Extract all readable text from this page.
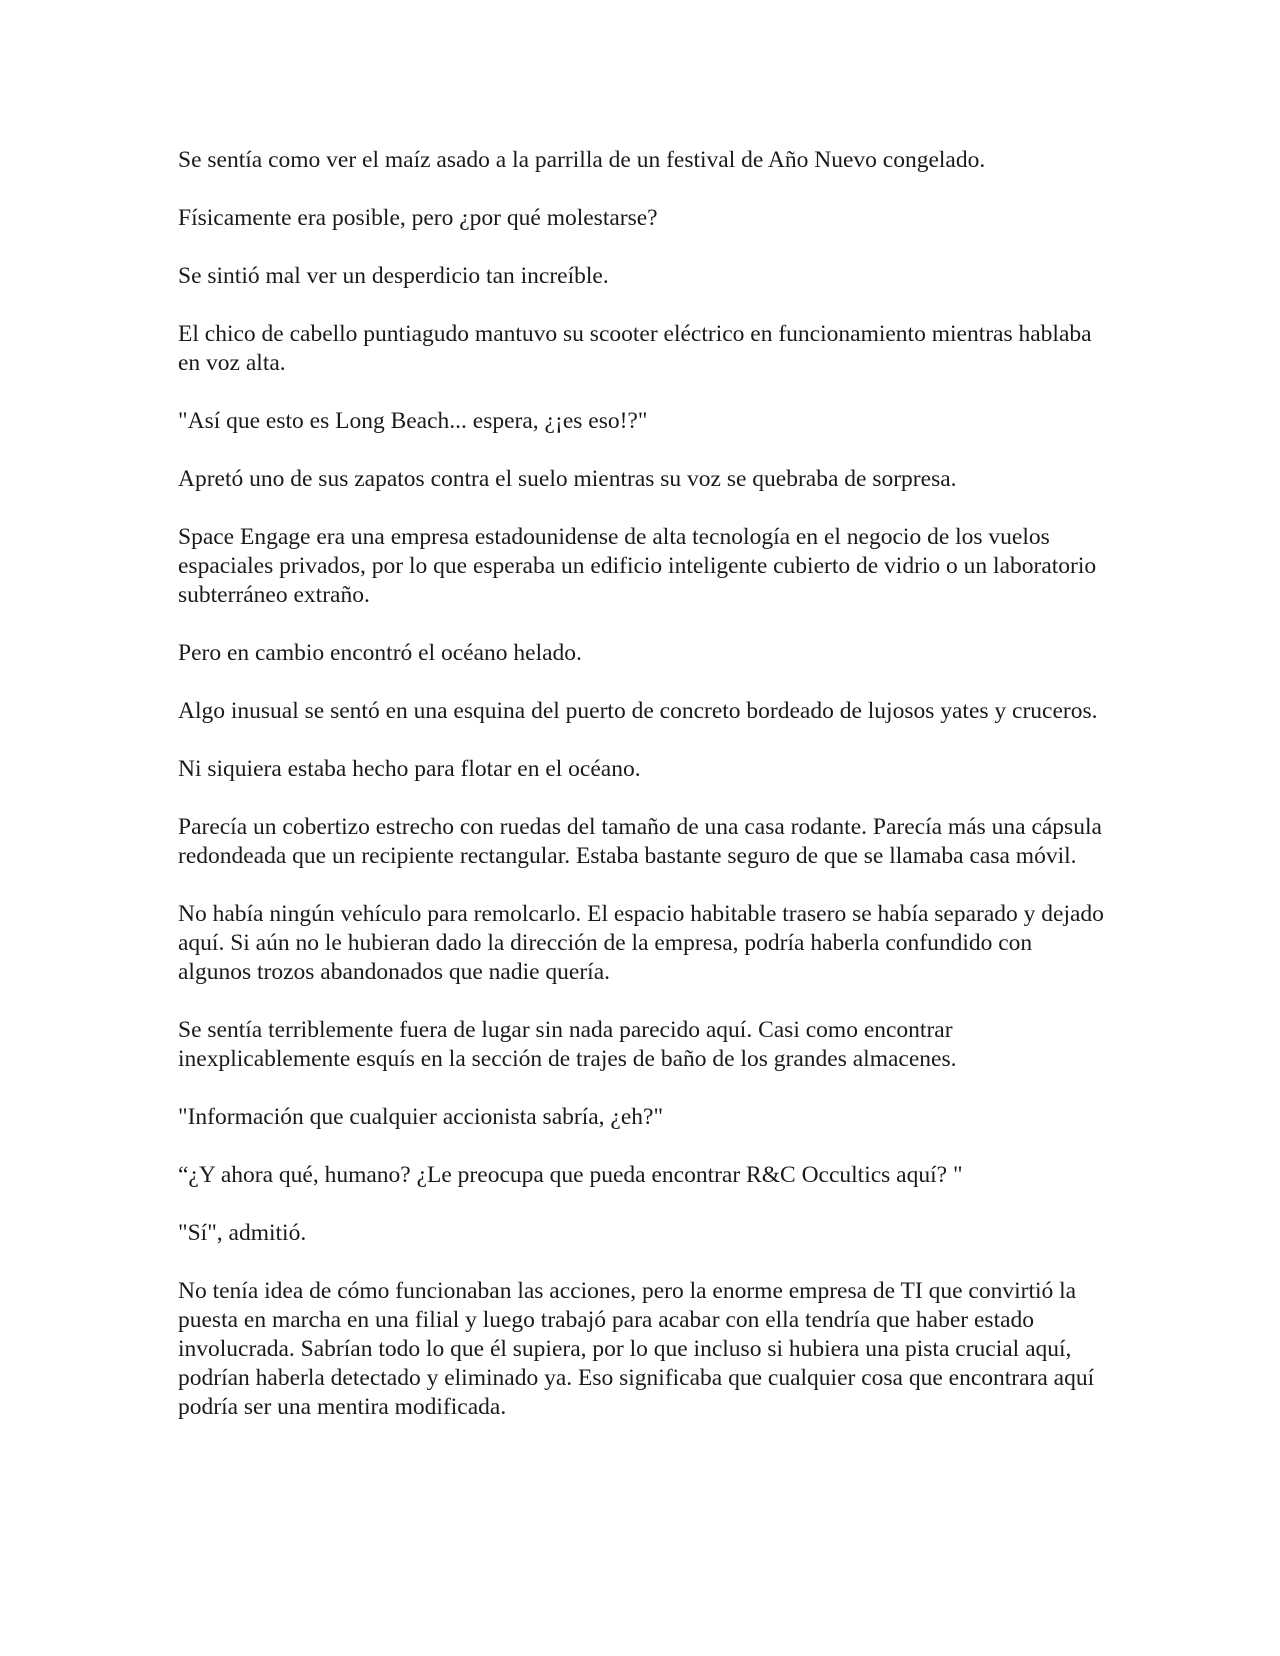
Se sentía como ver el maíz asado a la parrilla de un festival de Año Nuevo congelado.

Físicamente era posible, pero ¿por qué molestarse?

Se sintió mal ver un desperdicio tan increíble.

El chico de cabello puntiagudo mantuvo su scooter eléctrico en funcionamiento mientras hablaba en voz alta.

"Así que esto es Long Beach... espera, ¿¡es eso!?"

Apretó uno de sus zapatos contra el suelo mientras su voz se quebraba de sorpresa.

Space Engage era una empresa estadounidense de alta tecnología en el negocio de los vuelos espaciales privados, por lo que esperaba un edificio inteligente cubierto de vidrio o un laboratorio subterráneo extraño.

Pero en cambio encontró el océano helado.

Algo inusual se sentó en una esquina del puerto de concreto bordeado de lujosos yates y cruceros.

Ni siquiera estaba hecho para flotar en el océano.

Parecía un cobertizo estrecho con ruedas del tamaño de una casa rodante. Parecía más una cápsula redondeada que un recipiente rectangular. Estaba bastante seguro de que se llamaba casa móvil.

No había ningún vehículo para remolcarlo. El espacio habitable trasero se había separado y dejado aquí. Si aún no le hubieran dado la dirección de la empresa, podría haberla confundido con algunos trozos abandonados que nadie quería.

Se sentía terriblemente fuera de lugar sin nada parecido aquí. Casi como encontrar inexplicablemente esquís en la sección de trajes de baño de los grandes almacenes.

"Información que cualquier accionista sabría, ¿eh?"

“¿Y ahora qué, humano? ¿Le preocupa que pueda encontrar R&C Occultics aquí? "

"Sí", admitió.

No tenía idea de cómo funcionaban las acciones, pero la enorme empresa de TI que convirtió la puesta en marcha en una filial y luego trabajó para acabar con ella tendría que haber estado involucrada. Sabrían todo lo que él supiera, por lo que incluso si hubiera una pista crucial aquí, podrían haberla detectado y eliminado ya. Eso significaba que cualquier cosa que encontrara aquí podría ser una mentira modificada.
